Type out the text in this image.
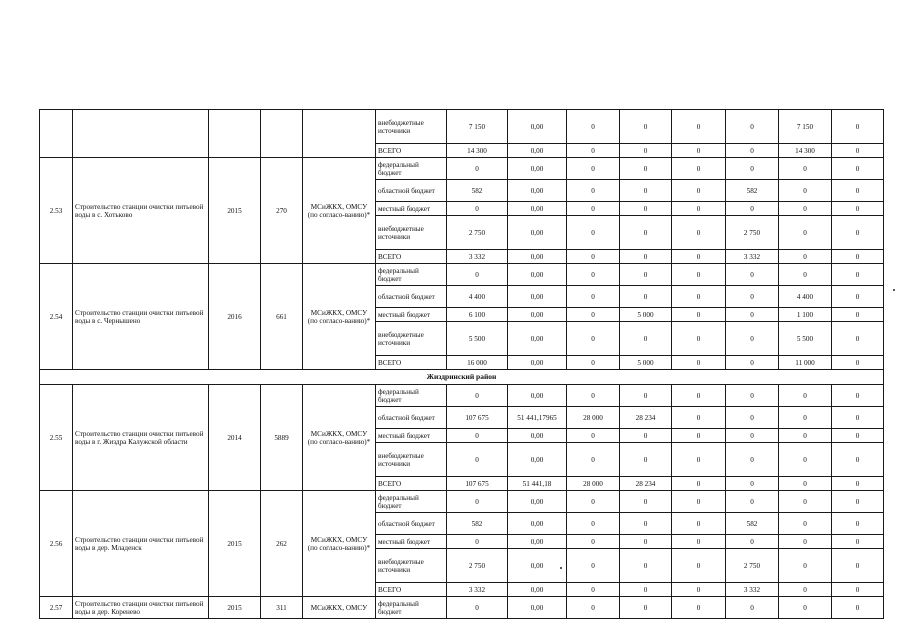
					внебюджетные источники	7 150	0,00	0	0	0	0	7 150	0
					ВСЕГО	14 300	0,00	0	0	0	0	14 300	0
2.53	Строительство станции очистки питьевой воды в с. Хотьково	2015	270	МСиЖКХ, ОМСУ (по согласо-ванию)*	федеральный бюджет	0	0,00	0	0	0	0	0	0
					областной бюджет	582	0,00	0	0	0	582	0	0
					местный бюджет	0	0,00	0	0	0	0	0	0
					внебюджетные источники	2 750	0,00	0	0	0	2 750	0	0
					ВСЕГО	3 332	0,00	0	0	0	3 332	0	0
2.54	Строительство станции очистки питьевой воды в с. Чернышено	2016	661	МСиЖКХ, ОМСУ (по согласо-ванию)*	федеральный бюджет	0	0,00	0	0	0	0	0	0
					областной бюджет	4 400	0,00	0	0	0	0	4 400	0
					местный бюджет	6 100	0,00	0	5 000	0	0	1 100	0
					внебюджетные источники	5 500	0,00	0	0	0	0	5 500	0
					ВСЕГО	16 000	0,00	0	5 000	0	0	11 000	0
Жиздринский район													
2.55	Строительство станции очистки питьевой воды в г. Жиздра Калужской области	2014	5889	МСиЖКХ, ОМСУ (по согласо-ванию)*	федеральный бюджет	0	0,00	0	0	0	0	0	0
					областной бюджет	107 675	51 441,17965	28 000	28 234	0	0	0	0
					местный бюджет	0	0,00	0	0	0	0	0	0
					внебюджетные источники	0	0,00	0	0	0	0	0	0
					ВСЕГО	107 675	51 441,18	28 000	28 234	0	0	0	0
2.56	Строительство станции очистки питьевой воды в дер. Младенск	2015	262	МСиЖКХ, ОМСУ (по согласо-ванию)*	федеральный бюджет	0	0,00	0	0	0	0	0	0
					областной бюджет	582	0,00	0	0	0	582	0	0
					местный бюджет	0	0,00	0	0	0	0	0	0
					внебюджетные источники	2 750	0,00	0	0	0	2 750	0	0
					ВСЕГО	3 332	0,00	0	0	0	3 332	0	0
2.57	Строительство станции очистки питьевой воды в дер. Коренево	2015	311	МСиЖКХ, ОМСУ	федеральный бюджет	0	0,00	0	0	0	0	0	0
